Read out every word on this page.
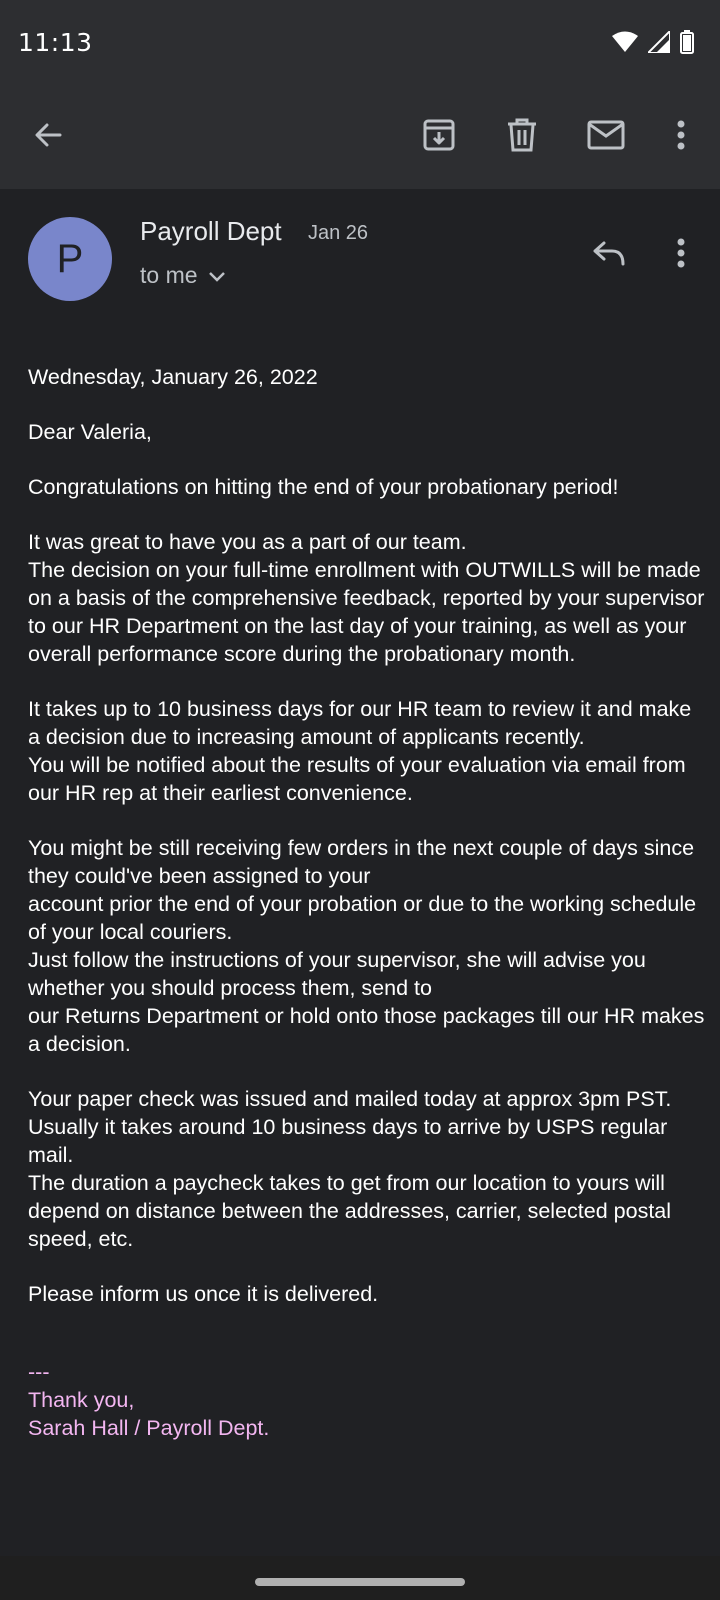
11:13
P
Payroll Dept Jan 26
to me

Wednesday, January 26, 2022

Dear Valeria,

Congratulations on hitting the end of your probationary period!

It was great to have you as a part of our team.
The decision on your full-time enrollment with OUTWILLS will be made on a basis of the comprehensive feedback, reported by your supervisor to our HR Department on the last day of your training, as well as your overall performance score during the probationary month.

It takes up to 10 business days for our HR team to review it and make a decision due to increasing amount of applicants recently.
You will be notified about the results of your evaluation via email from our HR rep at their earliest convenience.

You might be still receiving few orders in the next couple of days since they could've been assigned to your
account prior the end of your probation or due to the working schedule of your local couriers.
Just follow the instructions of your supervisor, she will advise you whether you should process them, send to
our Returns Department or hold onto those packages till our HR makes a decision.

Your paper check was issued and mailed today at approx 3pm PST.
Usually it takes around 10 business days to arrive by USPS regular mail.
The duration a paycheck takes to get from our location to yours will depend on distance between the addresses, carrier, selected postal speed, etc.

Please inform us once it is delivered.

---
Thank you,
Sarah Hall / Payroll Dept.
